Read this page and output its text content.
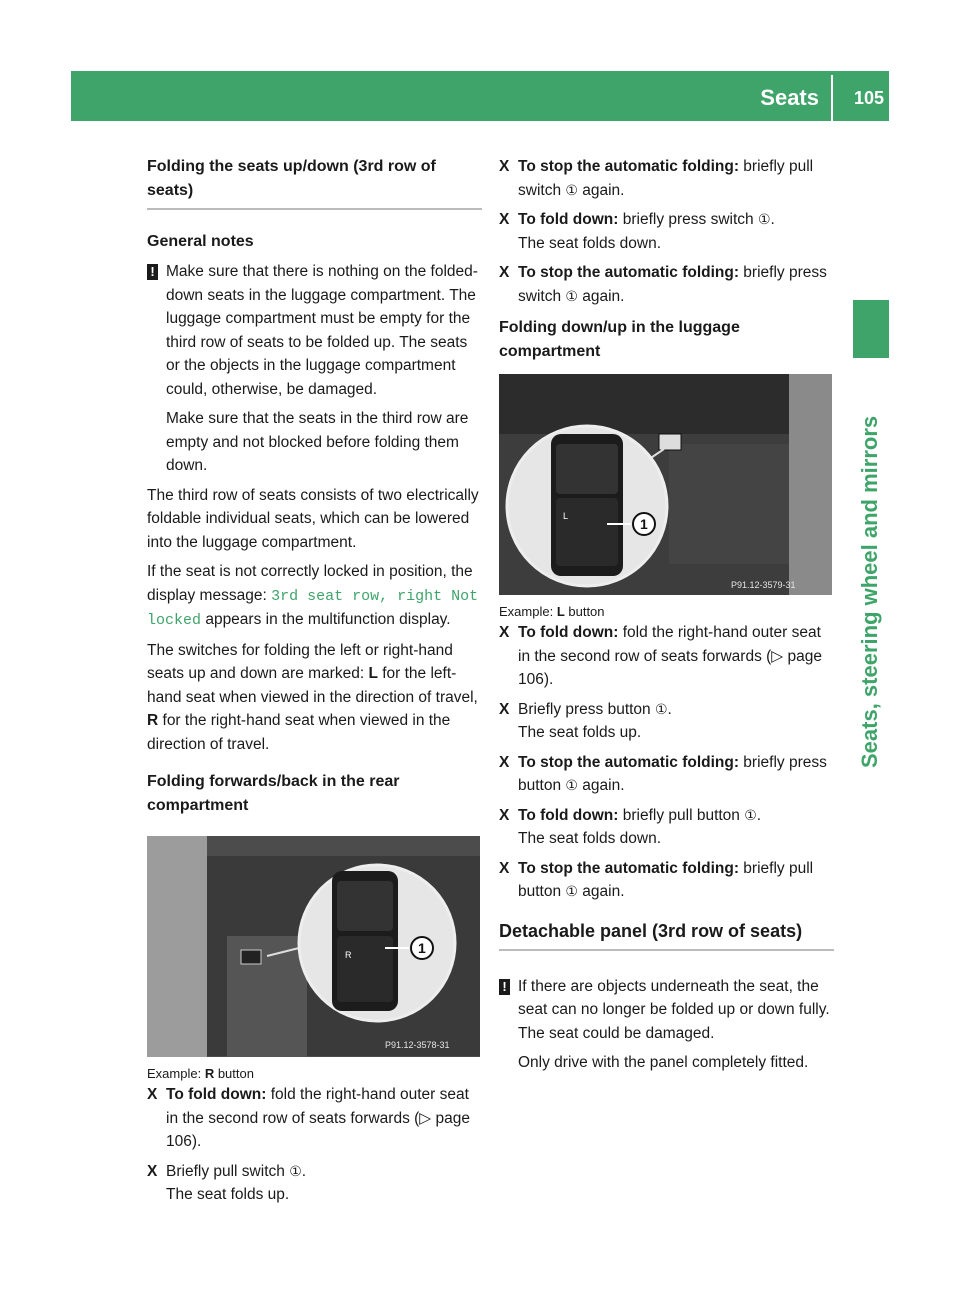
Seats 105
Seats, steering wheel and mirrors
Folding the seats up/down (3rd row of seats)
General notes
! Make sure that there is nothing on the folded-down seats in the luggage compartment. The luggage compartment must be empty for the third row of seats to be folded up. The seats or the objects in the luggage compartment could, otherwise, be damaged.

Make sure that the seats in the third row are empty and not blocked before folding them down.

The third row of seats consists of two electrically foldable individual seats, which can be lowered into the luggage compartment.

If the seat is not correctly locked in position, the display message: 3rd seat row, right Not locked appears in the multifunction display.

The switches for folding the left or right-hand seats up and down are marked: L for the left-hand seat when viewed in the direction of travel, R for the right-hand seat when viewed in the direction of travel.

Folding forwards/back in the rear compartment
R	1
P91.12-3578-31

Example: R button

X To fold down: fold the right-hand outer seat in the second row of seats forwards (▷ page 106).
X Briefly pull switch ①.
The seat folds up.
X To stop the automatic folding: briefly pull switch ① again.
X To fold down: briefly press switch ①.
The seat folds down.
X To stop the automatic folding: briefly press switch ① again.
Folding down/up in the luggage compartment
L	1
P91.12-3579-31

Example: L button

X To fold down: fold the right-hand outer seat in the second row of seats forwards (▷ page 106).
X Briefly press button ①.
The seat folds up.
X To stop the automatic folding: briefly press button ① again.
X To fold down: briefly pull button ①.
The seat folds down.
X To stop the automatic folding: briefly pull button ① again.
Detachable panel (3rd row of seats)
! If there are objects underneath the seat, the seat can no longer be folded up or down fully. The seat could be damaged.

Only drive with the panel completely fitted.
